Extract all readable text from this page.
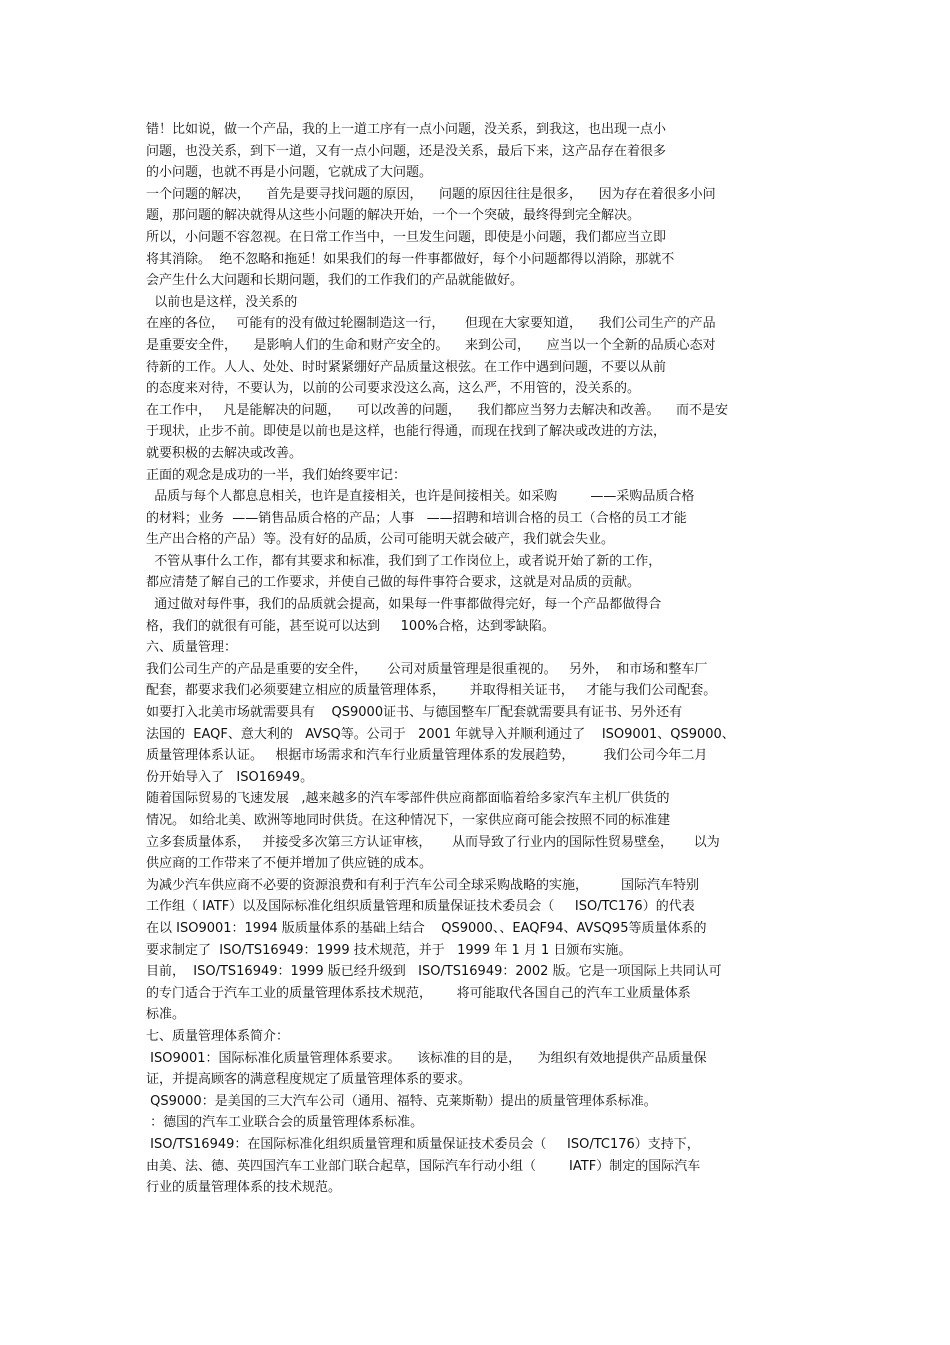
错！比如说，做一个产品，我的上一道工序有一点小问题，没关系，到我这，也出现一点小
问题，也没关系，到下一道，又有一点小问题，还是没关系，最后下来，这产品存在着很多
的小问题，也就不再是小问题，它就成了大问题。
一个问题的解决，    首先是要寻找问题的原因，    问题的原因往往是很多，    因为存在着很多小问
题，那问题的解决就得从这些小问题的解决开始，一个一个突破，最终得到完全解决。
所以，小问题不容忽视。在日常工作当中，一旦发生问题，即使是小问题，我们都应当立即
将其消除。  绝不忽略和拖延！如果我们的每一件事都做好，每个小问题都得以消除，那就不
会产生什么大问题和长期问题，我们的工作我们的产品就能做好。
以前也是这样，没关系的
在座的各位，   可能有的没有做过轮圈制造这一行，     但现在大家要知道，    我们公司生产的产品
是重要安全件，    是影响人们的生命和财产安全的。    来到公司，    应当以一个全新的品质心态对
待新的工作。人人、处处、时时紧紧绷好产品质量这根弦。在工作中遇到问题，不要以从前
的态度来对待，不要认为，以前的公司要求没这么高，这么严，不用管的，没关系的。
在工作中，   凡是能解决的问题，    可以改善的问题，    我们都应当努力去解决和改善。    而不是安
于现状，止步不前。即使是以前也是这样，也能行得通，而现在找到了解决或改进的方法，
就要积极的去解决或改善。
正面的观念是成功的一半，我们始终要牢记：
品质与每个人都息息相关，也许是直接相关，也许是间接相关。如采购        ——采购品质合格
的材料；业务  ——销售品质合格的产品；人事   ——招聘和培训合格的员工（合格的员工才能
生产出合格的产品）等。没有好的品质，公司可能明天就会破产，我们就会失业。
不管从事什么工作，都有其要求和标准，我们到了工作岗位上，或者说开始了新的工作，
都应清楚了解自己的工作要求，并使自己做的每件事符合要求，这就是对品质的贡献。
通过做对每件事，我们的品质就会提高，如果每一件事都做得完好，每一个产品都做得合
格，我们的就很有可能，甚至说可以达到     100%合格，达到零缺陷。
六、质量管理：
我们公司生产的产品是重要的安全件，     公司对质量管理是很重视的。   另外，  和市场和整车厂
配套，都要求我们必须要建立相应的质量管理体系，      并取得相关证书，   才能与我们公司配套。
如要打入北美市场就需要具有    QS9000证书、与德国整车厂配套就需要具有证书、另外还有
法国的  EAQF、意大利的   AVSQ等。公司于   2001 年就导入并顺利通过了    ISO9001、QS9000、
质量管理体系认证。   根据市场需求和汽车行业质量管理体系的发展趋势，       我们公司今年二月
份开始导入了   ISO16949。
随着国际贸易的飞速发展   ,越来越多的汽车零部件供应商都面临着给多家汽车主机厂供货的
情况。 如给北美、欧洲等地同时供货。在这种情况下，一家供应商可能会按照不同的标准建
立多套质量体系，   并接受多次第三方认证审核，     从而导致了行业内的国际性贸易壁垒，     以为
供应商的工作带来了不便并增加了供应链的成本。
为减少汽车供应商不必要的资源浪费和有利于汽车公司全球采购战略的实施，        国际汽车特别
工作组（ IATF）以及国际标准化组织质量管理和质量保证技术委员会（     ISO/TC176）的代表
在以 ISO9001：1994 版质量体系的基础上结合    QS9000、、EAQF94、AVSQ95等质量体系的
要求制定了  ISO/TS16949：1999 技术规范，并于   1999 年 1 月 1 日颁布实施。
目前，  ISO/TS16949：1999 版已经升级到   ISO/TS16949：2002 版。它是一项国际上共同认可
的专门适合于汽车工业的质量管理体系技术规范，      将可能取代各国自己的汽车工业质量体系
标准。
七、质量管理体系简介：
ISO9001：国际标准化质量管理体系要求。    该标准的目的是，    为组织有效地提供产品质量保
证，并提高顾客的满意程度规定了质量管理体系的要求。
QS9000：是美国的三大汽车公司（通用、福特、克莱斯勒）提出的质量管理体系标准。
：德国的汽车工业联合会的质量管理体系标准。
ISO/TS16949：在国际标准化组织质量管理和质量保证技术委员会（     ISO/TC176）支持下，
由美、法、德、英四国汽车工业部门联合起草，国际汽车行动小组（        IATF）制定的国际汽车
行业的质量管理体系的技术规范。
